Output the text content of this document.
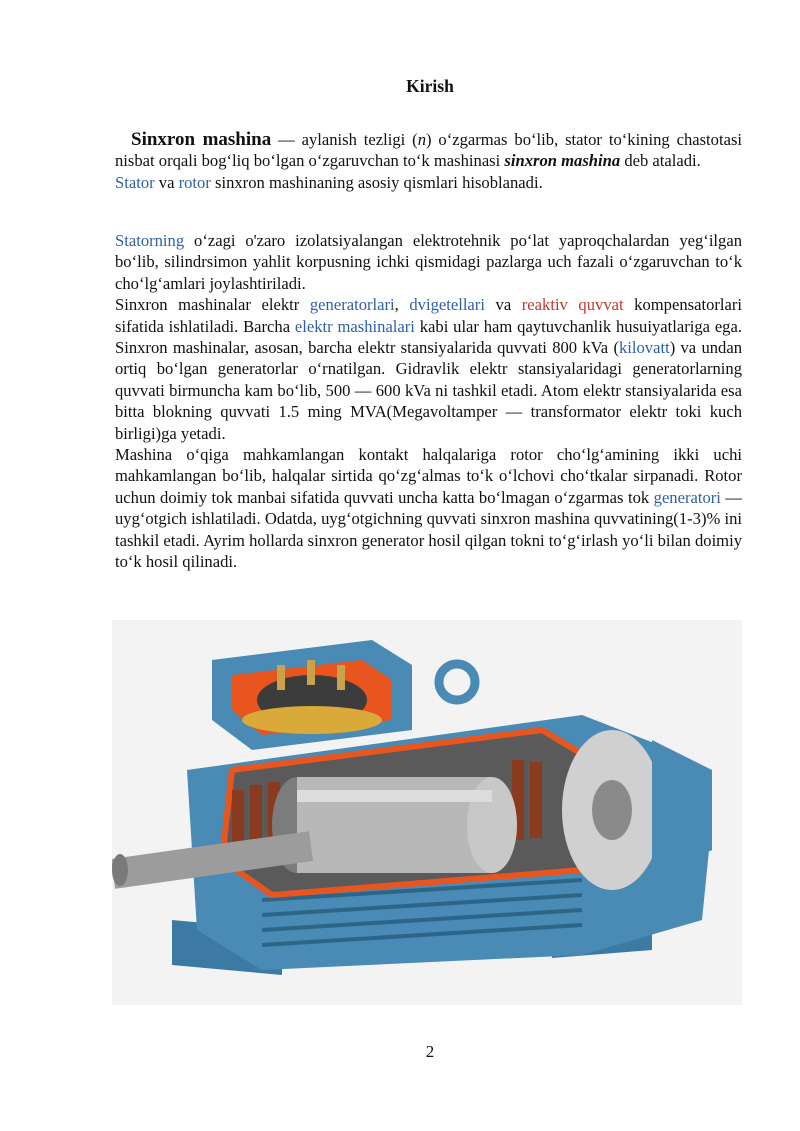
Kirish

Sinxron mashina — aylanish tezligi (n) oʻzgarmas boʻlib, stator toʻkining chastotasi nisbat orqali bogʻliq boʻlgan oʻzgaruvchan toʻk mashinasi sinxron mashina deb ataladi.

Stator va rotor sinxron mashinaning asosiy qismlari hisoblanadi.

Statorning oʻzagi o'zaro izolatsiyalangan elektrotehnik poʻlat yaproqchalardan yegʻilgan boʻlib, silindrsimon yahlit korpusning ichki qismidagi pazlarga uch fazali oʻzgaruvchan toʻk choʻlgʻamlari joylashtiriladi.

Sinxron mashinalar elektr generatorlari, dvigetellari va reaktiv quvvat kompensatorlari sifatida ishlatiladi. Barcha elektr mashinalari kabi ular ham qaytuvchanlik husuiyatlariga ega. Sinxron mashinalar, asosan, barcha elektr stansiyalarida quvvati 800 kVa (kilovatt) va undan ortiq boʻlgan generatorlar oʻrnatilgan. Gidravlik elektr stansiyalaridagi generatorlarning quvvati birmuncha kam boʻlib, 500 — 600 kVa ni tashkil etadi. Atom elektr stansiyalarida esa bitta blokning quvvati 1.5 ming MVA(Megavoltamper — transformator elektr toki kuch birligi)ga yetadi.

Mashina oʻqiga mahkamlangan kontakt halqalariga rotor choʻlgʻamining ikki uchi mahkamlangan boʻlib, halqalar sirtida qoʻzgʻalmas toʻk oʻlchovi choʻtkalar sirpanadi. Rotor uchun doimiy tok manbai sifatida quvvati uncha katta boʻlmagan oʻzgarmas tok generatori — uygʻotgich ishlatiladi. Odatda, uygʻotgichning quvvati sinxron mashina quvvatining(1-3)% ini tashkil etadi. Ayrim hollarda sinxron generator hosil qilgan tokni toʻgʻirlash yoʻli bilan doimiy toʻk hosil qilinadi.

2
